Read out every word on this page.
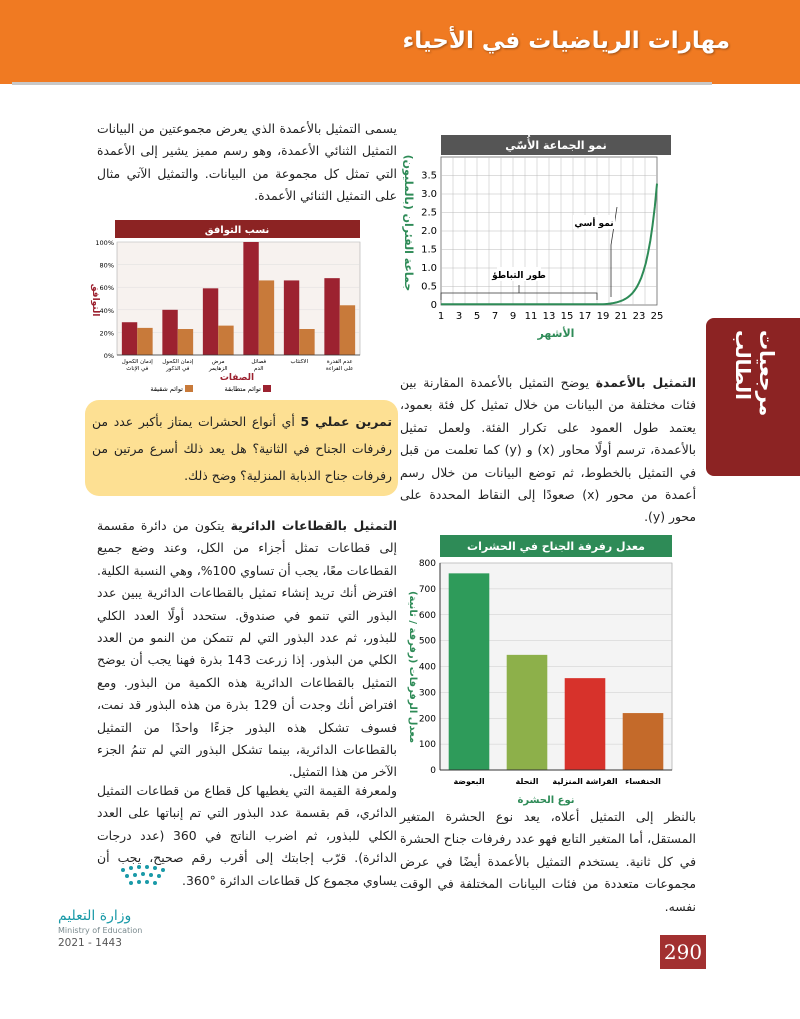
مهارات الرياضيات في الأحياء
مرجعيات الطالب
نمو الجماعة الأُسّي
0
0.5
1.0
1.5
2.0
2.5
3.0
3.5
1 3 5 7 9 11 13 15 17 19 21 23 25
طور التباطؤ
نمو أسي
الأشهر
جماعة الفئران (بالمليون)
التمثيل بالأعمدة يوضح التمثيل بالأعمدة المقارنة بين فئات مختلفة من البيانات من خلال تمثيل كل فئة بعمود، يعتمد طول العمود على تكرار الفئة. ولعمل تمثيل بالأعمدة، ترسم أولًا محاور (x) و (y) كما تعلمت من قبل في التمثيل بالخطوط، ثم توضع البيانات من خلال رسم أعمدة من محور (x) صعودًا إلى النقاط المحددة على محور (y).
معدل رفرفة الجناح في الحشرات
0
100
200
300
400
500
600
700
800
البعوضة	النحلة الفراشة المنزلية الخنفساء
نوع الحشرة
معدل الرفرفات (رفرفة / ثانية)
بالنظر إلى التمثيل أعلاه، يعد نوع الحشرة المتغير المستقل، أما المتغير التابع فهو عدد رفرفات جناح الحشرة في كل ثانية. يستخدم التمثيل بالأعمدة أيضًا في عرض مجموعات متعددة من فئات البيانات المختلفة في الوقت نفسه.
يسمى التمثيل بالأعمدة الذي يعرض مجموعتين من البيانات التمثيل الثنائي الأعمدة، وهو رسم مميز يشير إلى الأعمدة التي تمثل كل مجموعة من البيانات. والتمثيل الآتي مثال على التمثيل الثنائي الأعمدة.
نسب التوافق
0%
20%
40%
60%
80%
100%
إدمان الكحول
في الإناث
إدمان الكحول
في الذكور
مرض
الزهايمر
فصائل
الدم
الاكتئاب	عدم القدرة
على القراءة
الصفات
التوافق
توائم متطابقة
توائم شقيقة
تمرين عملي 5 أي أنواع الحشرات يمتاز بأكبر عدد من رفرفات الجناح في الثانية؟ هل يعد ذلك أسرع مرتين من رفرفات جناح الذبابة المنزلية؟ وضح ذلك.
التمثيل بالقطاعات الدائرية يتكون من دائرة مقسمة إلى قطاعات تمثل أجزاء من الكل، وعند وضع جميع القطاعات معًا، يجب أن تساوي 100%، وهي النسبة الكلية. افترض أنك تريد إنشاء تمثيل بالقطاعات الدائرية يبين عدد البذور التي تنمو في صندوق. ستحدد أولًا العدد الكلي للبذور، ثم عدد البذور التي لم تتمكن من النمو من العدد الكلي من البذور. إذا زرعت 143 بذرة فهنا يجب أن يوضح التمثيل بالقطاعات الدائرية هذه الكمية من البذور. ومع افتراض أنك وجدت أن 129 بذرة من هذه البذور قد نمت، فسوف تشكل هذه البذور جزءًا واحدًا من التمثيل بالقطاعات الدائرية، بينما تشكل البذور التي لم تنمُ الجزء الآخر من هذا التمثيل.
ولمعرفة القيمة التي يغطيها كل قطاع من قطاعات التمثيل الدائري، قم بقسمة عدد البذور التي تم إنباتها على العدد الكلي للبذور، ثم اضرب الناتج في 360 (عدد درجات الدائرة). قرّب إجابتك إلى أقرب رقم صحيح، يجب أن يساوي مجموع كل قطاعات الدائرة °360.
وزارة التعليم
Ministry of Education
2021 - 1443	290
